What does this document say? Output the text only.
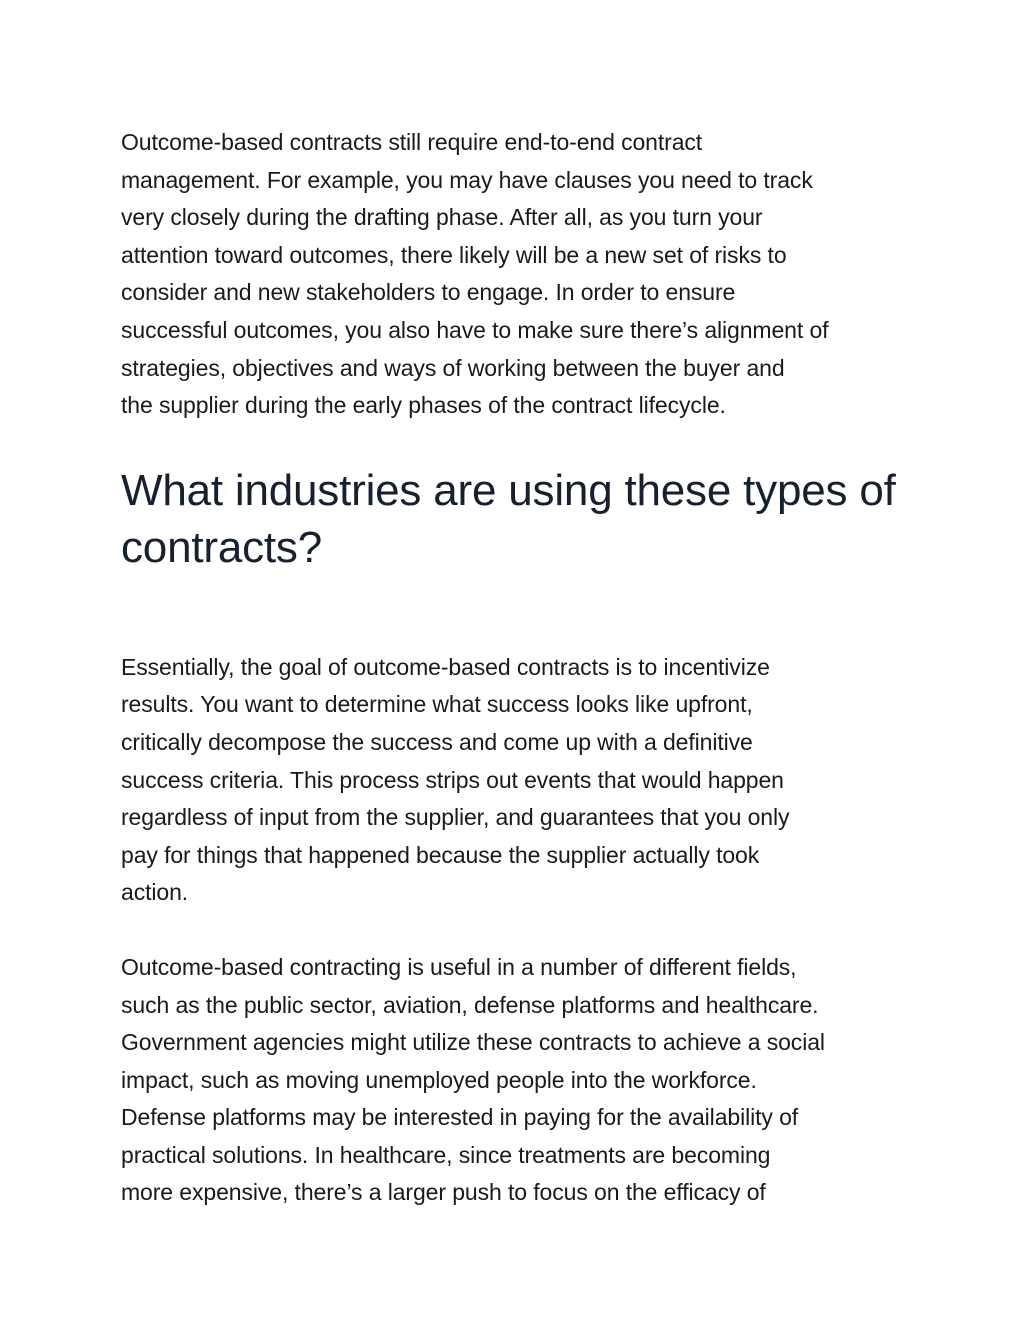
Outcome-based contracts still require end-to-end contract
management. For example, you may have clauses you need to track
very closely during the drafting phase. After all, as you turn your
attention toward outcomes, there likely will be a new set of risks to
consider and new stakeholders to engage. In order to ensure
successful outcomes, you also have to make sure there’s alignment of
strategies, objectives and ways of working between the buyer and
the supplier during the early phases of the contract lifecycle.

What industries are using these types of
contracts?

Essentially, the goal of outcome-based contracts is to incentivize
results. You want to determine what success looks like upfront,
critically decompose the success and come up with a definitive
success criteria. This process strips out events that would happen
regardless of input from the supplier, and guarantees that you only
pay for things that happened because the supplier actually took
action.

Outcome-based contracting is useful in a number of different fields,
such as the public sector, aviation, defense platforms and healthcare.
Government agencies might utilize these contracts to achieve a social
impact, such as moving unemployed people into the workforce.
Defense platforms may be interested in paying for the availability of
practical solutions. In healthcare, since treatments are becoming
more expensive, there’s a larger push to focus on the efficacy of
